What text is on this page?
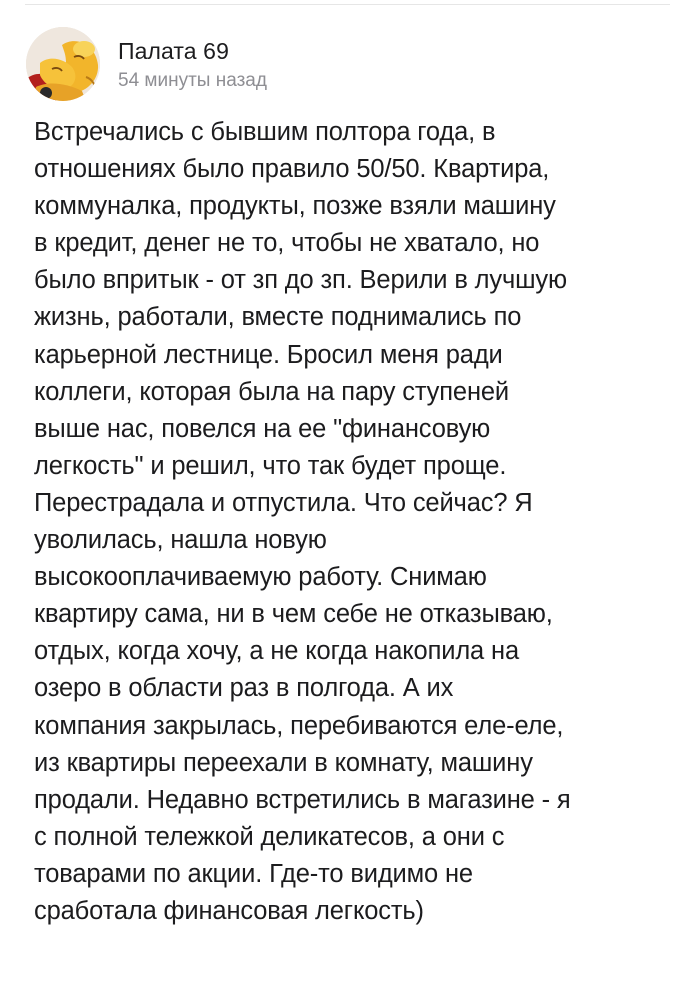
Палата 69
54 минуты назад

Встречались с бывшим полтора года, в
отношениях было правило 50/50. Квартира,
коммуналка, продукты, позже взяли машину
в кредит, денег не то, чтобы не хватало, но
было впритык - от зп до зп. Верили в лучшую
жизнь, работали, вместе поднимались по
карьерной лестнице. Бросил меня ради
коллеги, которая была на пару ступеней
выше нас, повелся на ее "финансовую
легкость" и решил, что так будет проще.
Перестрадала и отпустила. Что сейчас? Я
уволилась, нашла новую
высокооплачиваемую работу. Снимаю
квартиру сама, ни в чем себе не отказываю,
отдых, когда хочу, а не когда накопила на
озеро в области раз в полгода. А их
компания закрылась, перебиваются еле-еле,
из квартиры переехали в комнату, машину
продали. Недавно встретились в магазине - я
с полной тележкой деликатесов, а они с
товарами по акции. Где-то видимо не
сработала финансовая легкость)
